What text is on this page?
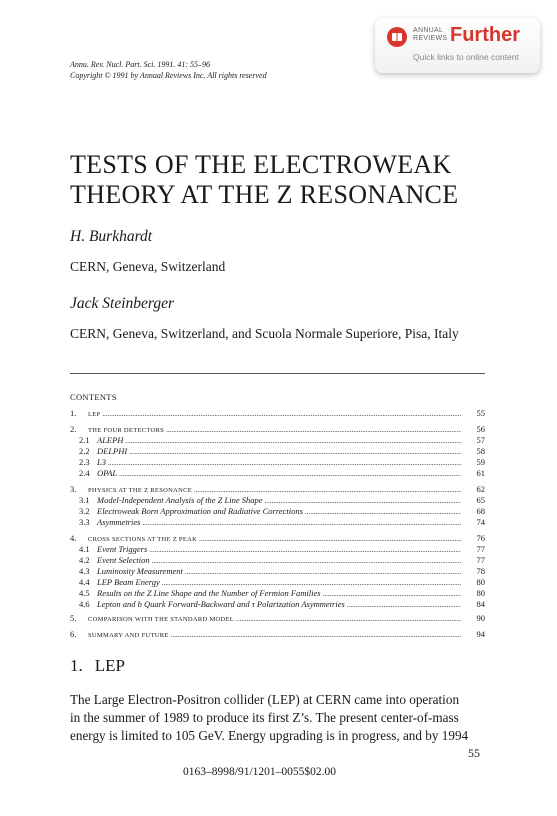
ANNUAL
REVIEWS Further
Quick links to online content
Annu. Rev. Nucl. Part. Sci. 1991. 41: 55–96
Copyright © 1991 by Annual Reviews Inc. All rights reserved
TESTS OF THE ELECTROWEAK
THEORY AT THE Z RESONANCE
H. Burkhardt
CERN, Geneva, Switzerland
Jack Steinberger
CERN, Geneva, Switzerland, and Scuola Normale Superiore, Pisa, Italy
CONTENTS
1.	LEP .....	55
2.	THE FOUR DETECTORS .....	56
2.1 ALEPH .....	57
2.2 DELPHI .....	58
2.3 L3 .....	59
2.4 OPAL .....	61
3.	PHYSICS AT THE Z RESONANCE .....	62
3.1 Model-Independent Analysis of the Z Line Shape .....	65
3.2 Electroweak Born Approximation and Radiative Corrections .....	68
3.3 Asymmetries .....	74
4.	CROSS SECTIONS AT THE Z PEAK .....	76
4.1 Event Triggers .....	77
4.2 Event Selection .....	77
4.3 Luminosity Measurement .....	78
4.4 LEP Beam Energy .....	80
4.5 Results on the Z Line Shape and the Number of Fermion Families .....	80
4.6 Lepton and b Quark Forward-Backward and τ Polarization Asymmetries .....	84
5.	COMPARISON WITH THE STANDARD MODEL .....	90
6.	SUMMARY AND FUTURE .....	94
1. LEP
The Large Electron-Positron collider (LEP) at CERN came into operation
in the summer of 1989 to produce its first Z’s. The present center-of-mass
energy is limited to 105 GeV. Energy upgrading is in progress, and by 1994
55
0163–8998/91/1201–0055$02.00
